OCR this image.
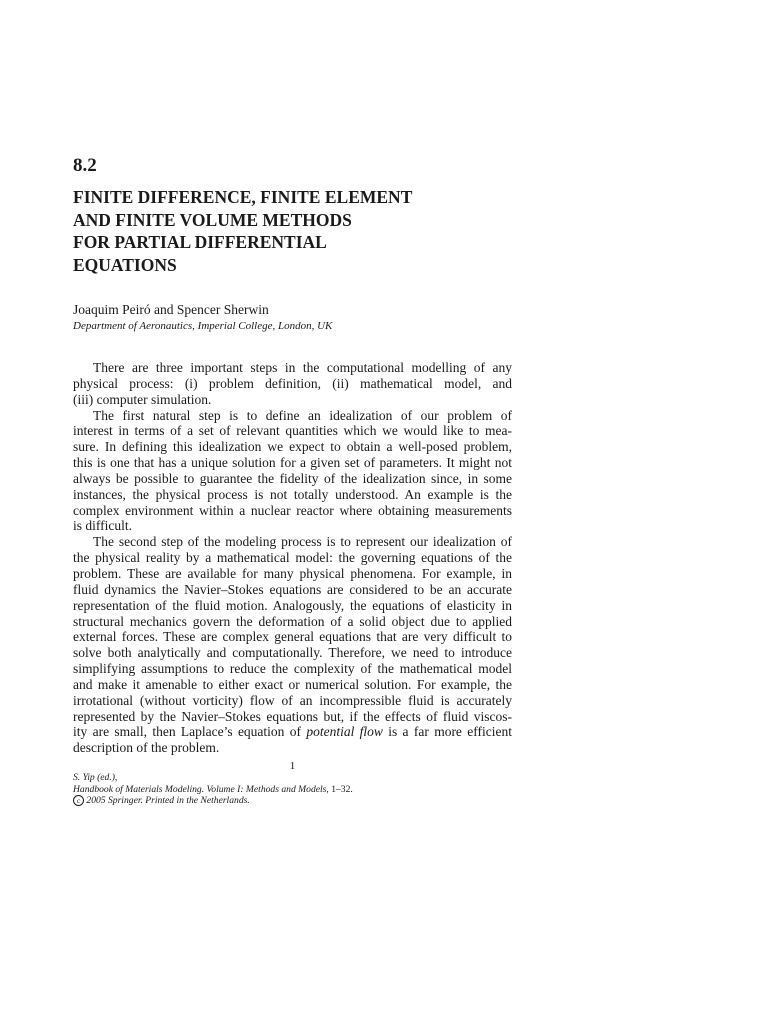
8.2
FINITE DIFFERENCE, FINITE ELEMENT
AND FINITE VOLUME METHODS
FOR PARTIAL DIFFERENTIAL
EQUATIONS
Joaquim Peiró and Spencer Sherwin
Department of Aeronautics, Imperial College, London, UK

There are three important steps in the computational modelling of any
physical process: (i) problem definition, (ii) mathematical model, and
(iii) computer simulation.

The first natural step is to define an idealization of our problem of
interest in terms of a set of relevant quantities which we would like to mea-
sure. In defining this idealization we expect to obtain a well-posed problem,
this is one that has a unique solution for a given set of parameters. It might not
always be possible to guarantee the fidelity of the idealization since, in some
instances, the physical process is not totally understood. An example is the
complex environment within a nuclear reactor where obtaining measurements
is difficult.

The second step of the modeling process is to represent our idealization of
the physical reality by a mathematical model: the governing equations of the
problem. These are available for many physical phenomena. For example, in
fluid dynamics the Navier–Stokes equations are considered to be an accurate
representation of the fluid motion. Analogously, the equations of elasticity in
structural mechanics govern the deformation of a solid object due to applied
external forces. These are complex general equations that are very difficult to
solve both analytically and computationally. Therefore, we need to introduce
simplifying assumptions to reduce the complexity of the mathematical model
and make it amenable to either exact or numerical solution. For example, the
irrotational (without vorticity) flow of an incompressible fluid is accurately
represented by the Navier–Stokes equations but, if the effects of fluid viscos-
ity are small, then Laplace’s equation of potential flow is a far more efficient
description of the problem.

1
S. Yip (ed.),
Handbook of Materials Modeling. Volume I: Methods and Models, 1–32.
c 2005 Springer. Printed in the Netherlands.
